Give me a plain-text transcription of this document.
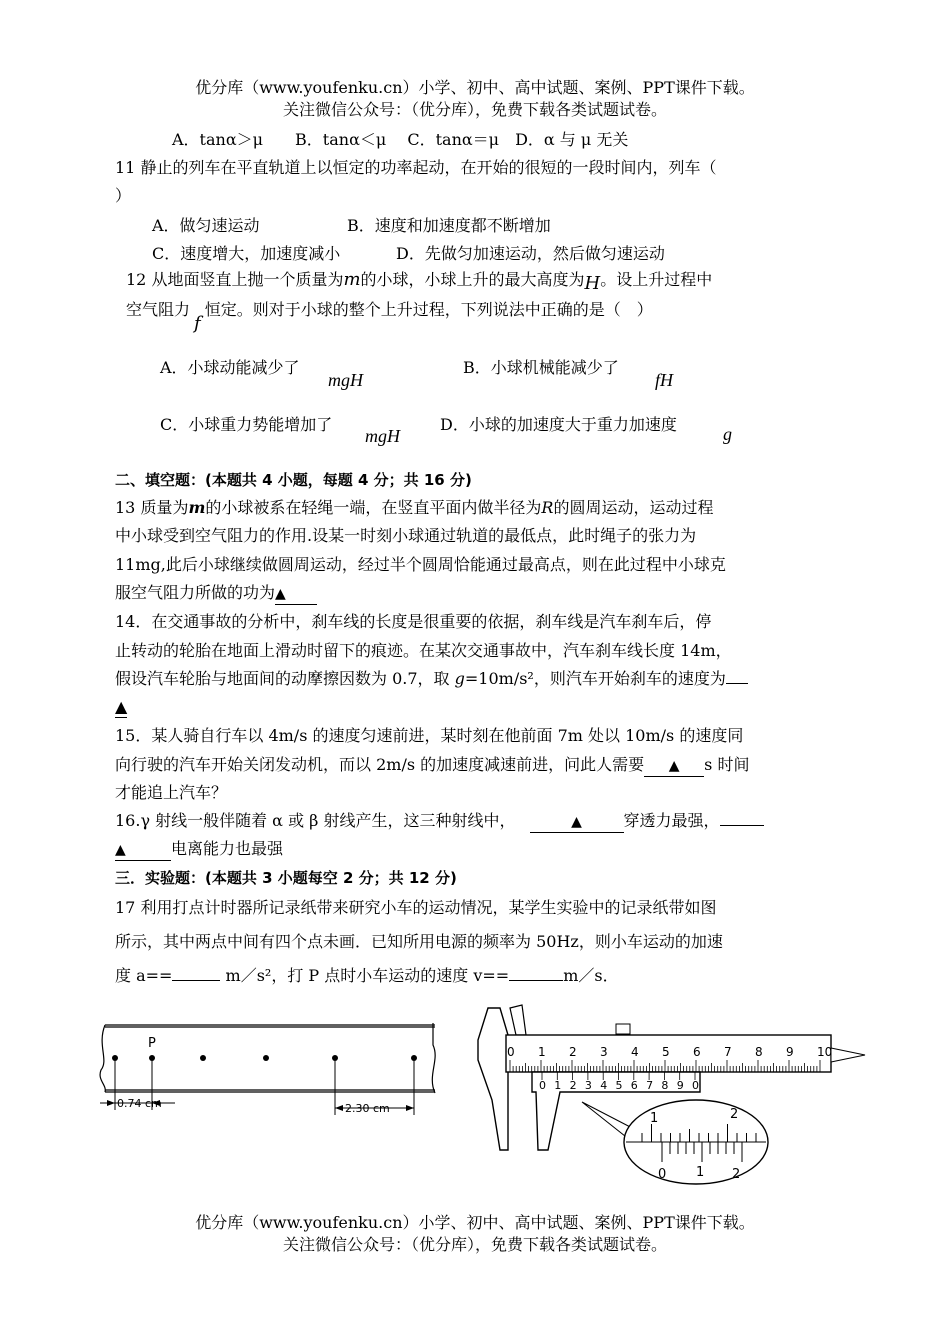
优分库（www.youfenku.cn）小学、初中、高中试题、案例、PPT课件下载。
关注微信公众号：（优分库），免费下载各类试题试卷。
A．tanα＞μ　　B．tanα＜μ　 C．tanα＝μ　D．α 与 μ 无关
11 静止的列车在平直轨道上以恒定的功率起动，在开始的很短的一段时间内，列车（
）
A．做匀速运动	B．速度和加速度都不断增加
C．速度增大，加速度减小	D．先做匀加速运动，然后做匀速运动
12 从地面竖直上抛一个质量为m的小球，小球上升的最大高度为H。设上升过程中
空气阻力f恒定。则对于小球的整个上升过程，下列说法中正确的是（　）
A．小球动能减少了
mgH
B．小球机械能减少了
fH
C．小球重力势能增加了
mgH
D．小球的加速度大于重力加速度	g
二、填空题：(本题共 4 小题，每题 4 分；共 16 分)
13 质量为m的小球被系在轻绳一端，在竖直平面内做半径为R的圆周运动，运动过程
中小球受到空气阻力的作用.设某一时刻小球通过轨道的最低点，此时绳子的张力为
11mg,此后小球继续做圆周运动，经过半个圆周恰能通过最高点，则在此过程中小球克
服空气阻力所做的功为▲
14．在交通事故的分析中，刹车线的长度是很重要的依据，刹车线是汽车刹车后，停
止转动的轮胎在地面上滑动时留下的痕迹。在某次交通事故中，汽车刹车线长度 14m，
假设汽车轮胎与地面间的动摩擦因数为 0.7，取 g=10m/s²，则汽车开始刹车的速度为
▲
15．某人骑自行车以 4m/s 的速度匀速前进，某时刻在他前面 7m 处以 10m/s 的速度同
向行驶的汽车开始关闭发动机，而以 2m/s 的加速度减速前进，问此人需要 ▲ s 时间
才能追上汽车？
16.γ 射线一般伴随着 α 或 β 射线产生，这三种射线中，	▲	穿透力最强，
▲	电离能力也最强
三．实验题：(本题共 3 小题每空 2 分；共 12 分)
17 利用打点计时器所记录纸带来研究小车的运动情况，某学生实验中的记录纸带如图
所示，其中两点中间有四个点未画．已知所用电源的频率为 50Hz，则小车运动的加速
度 a==	m／s²，打 P 点时小车运动的速度 v==	m／s．
P
0.74 cm	2.30 cm
0 1 2 3 4 5 6 7 8 9 10
0 1 2 3 4 5 6 7 8 9 0
1	2
0 1 2
优分库（www.youfenku.cn）小学、初中、高中试题、案例、PPT课件下载。
关注微信公众号：（优分库），免费下载各类试题试卷。
